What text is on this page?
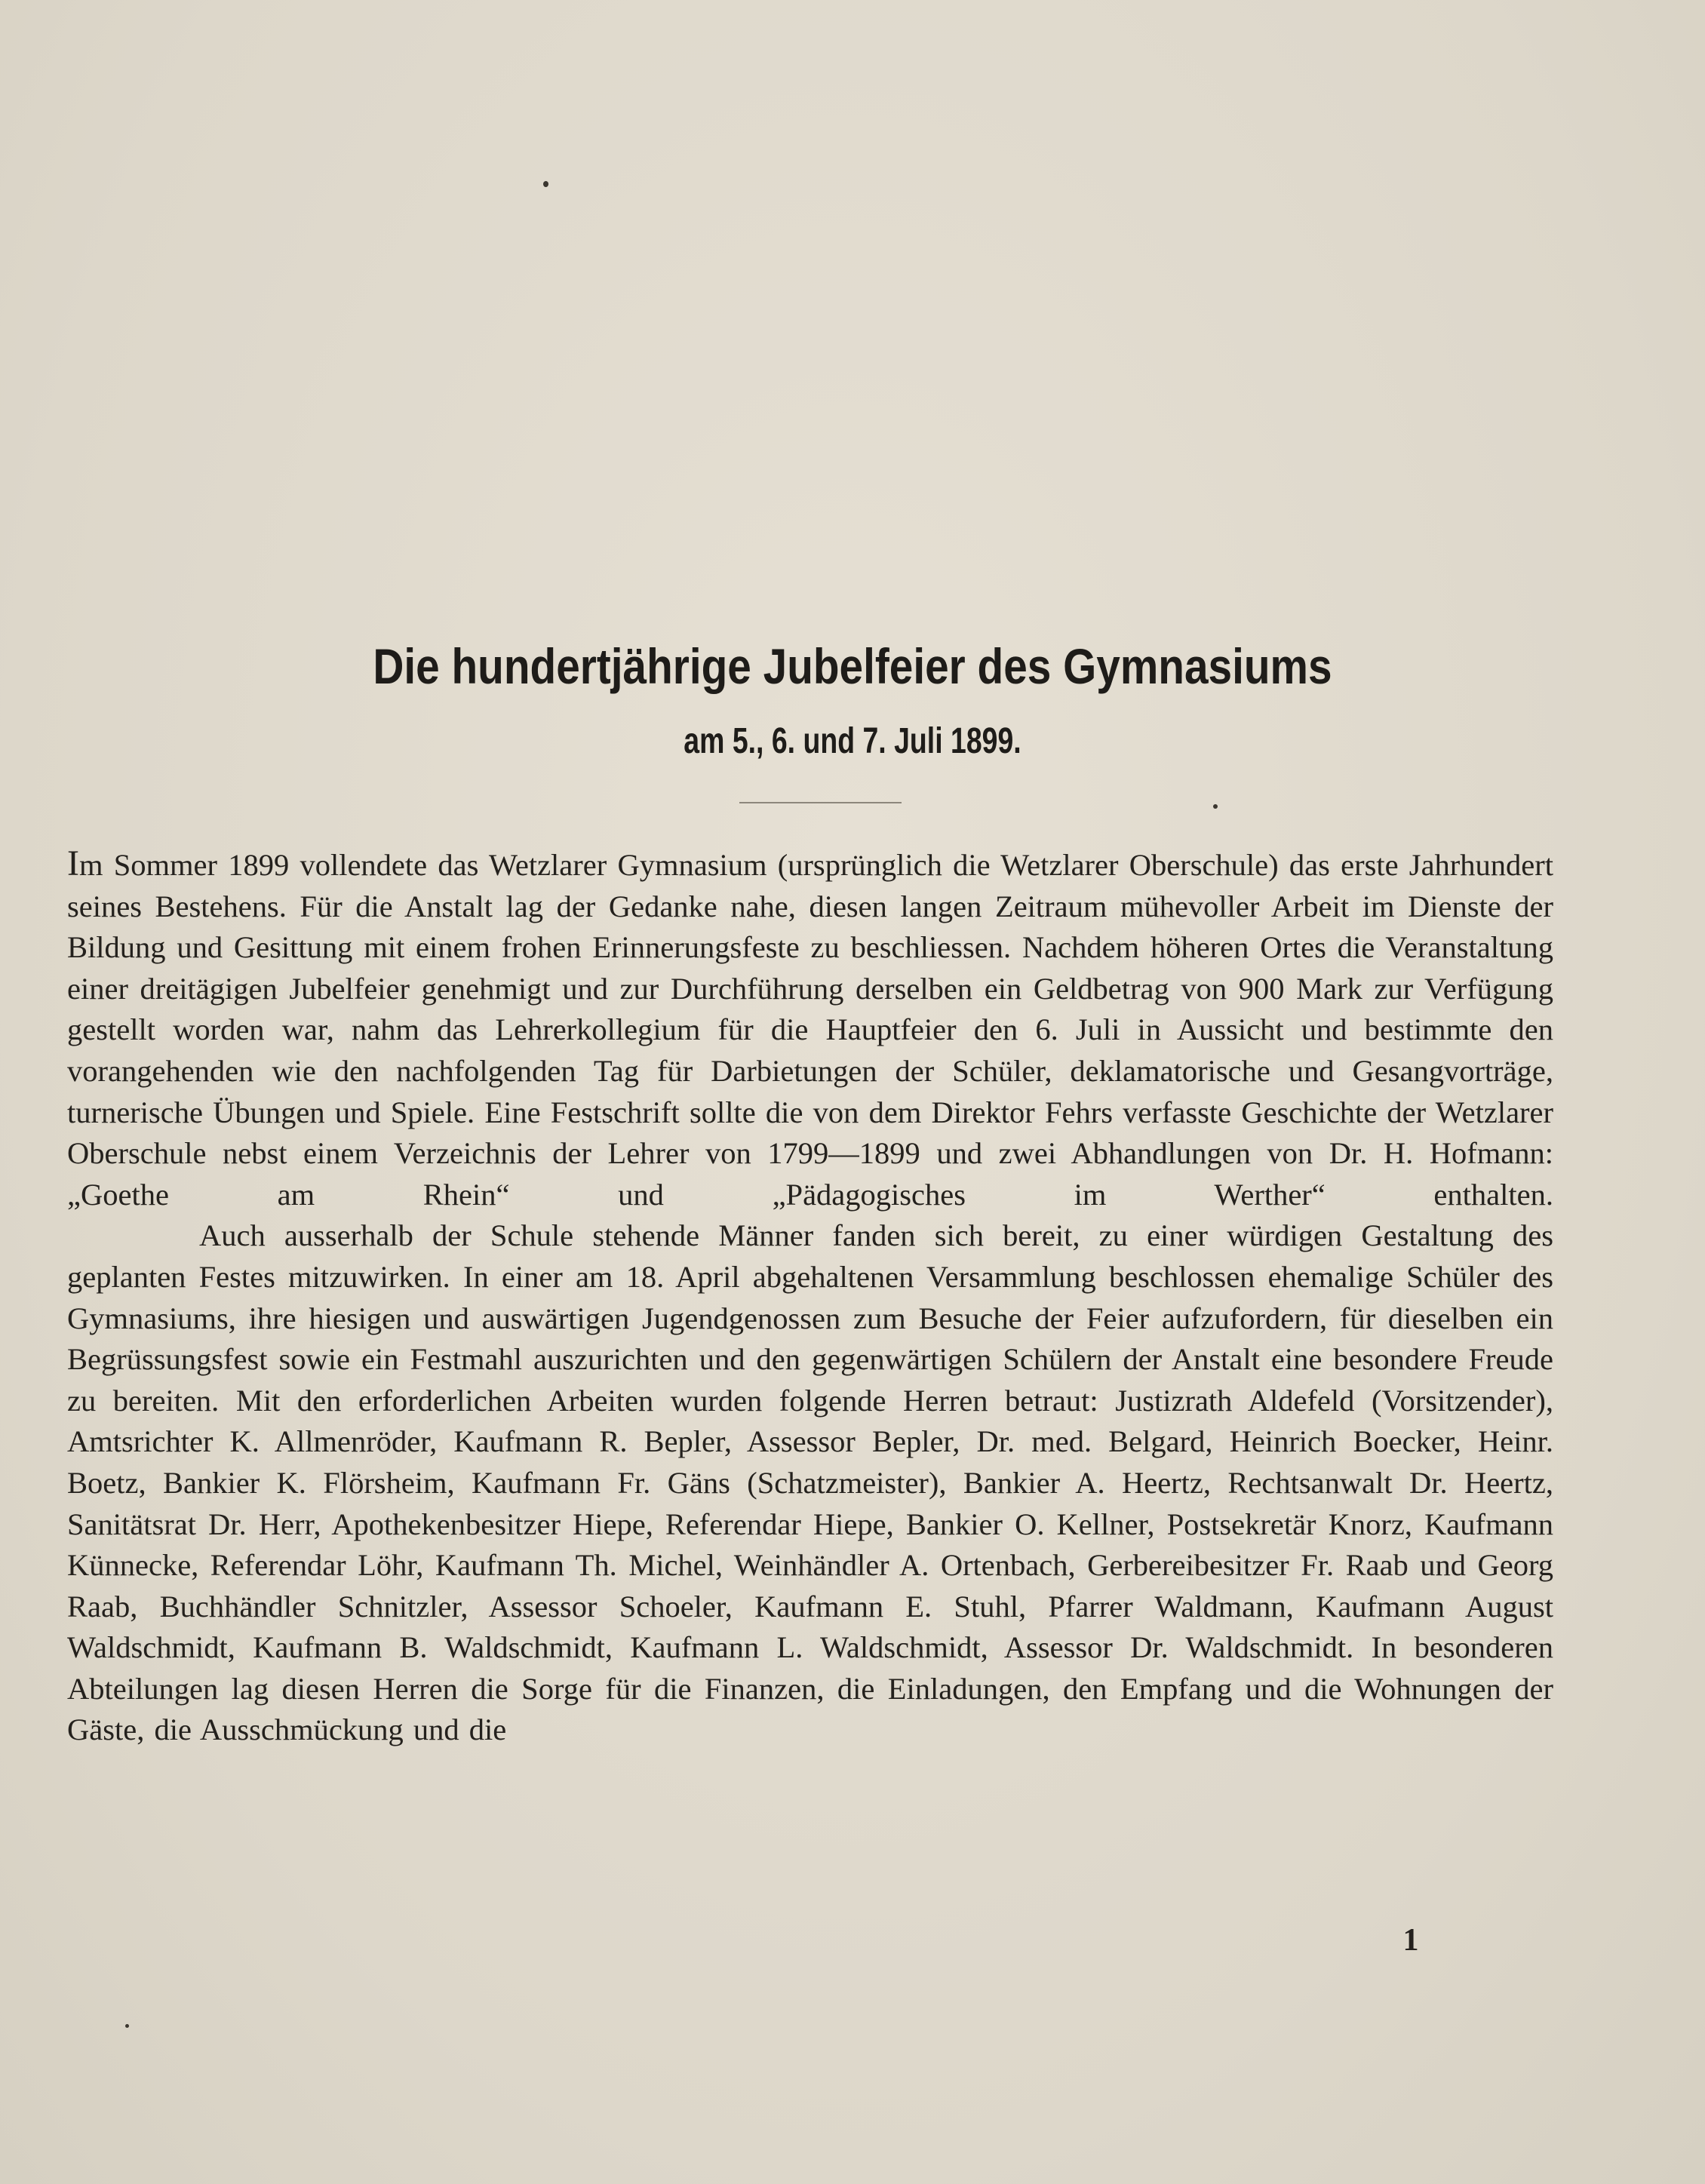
Die hundertjährige Jubelfeier des Gymnasiums
am 5., 6. und 7. Juli 1899.

Im Sommer 1899 vollendete das Wetzlarer Gymnasium (ursprünglich die Wetzlarer Oberschule) das erste Jahrhundert seines Bestehens. Für die Anstalt lag der Gedanke nahe, diesen langen Zeitraum mühevoller Arbeit im Dienste der Bildung und Gesittung mit einem frohen Erinnerungsfeste zu beschliessen. Nachdem höheren Ortes die Veranstaltung einer dreitägigen Jubelfeier genehmigt und zur Durchführung derselben ein Geldbetrag von 900 Mark zur Verfügung gestellt worden war, nahm das Lehrerkollegium für die Hauptfeier den 6. Juli in Aussicht und bestimmte den vorangehenden wie den nachfolgenden Tag für Darbietungen der Schüler, deklamatorische und Gesangvorträge, turnerische Übungen und Spiele. Eine Festschrift sollte die von dem Direktor Fehrs verfasste Geschichte der Wetzlarer Oberschule nebst einem Verzeichnis der Lehrer von 1799—1899 und zwei Abhandlungen von Dr. H. Hofmann: „Goethe am Rhein“ und „Pädagogisches im Werther“ enthalten.

Auch ausserhalb der Schule stehende Männer fanden sich bereit, zu einer würdigen Gestaltung des geplanten Festes mitzuwirken. In einer am 18. April abgehaltenen Versammlung beschlossen ehemalige Schüler des Gymnasiums, ihre hiesigen und auswärtigen Jugendgenossen zum Besuche der Feier aufzufordern, für dieselben ein Begrüssungsfest sowie ein Festmahl auszurichten und den gegenwärtigen Schülern der Anstalt eine besondere Freude zu bereiten. Mit den erforderlichen Arbeiten wurden folgende Herren betraut: Justizrath Aldefeld (Vorsitzender), Amtsrichter K. Allmenröder, Kaufmann R. Bepler, Assessor Bepler, Dr. med. Belgard, Heinrich Boecker, Heinr. Boetz, Bankier K. Flörsheim, Kaufmann Fr. Gäns (Schatzmeister), Bankier A. Heertz, Rechtsanwalt Dr. Heertz, Sanitätsrat Dr. Herr, Apothekenbesitzer Hiepe, Referendar Hiepe, Bankier O. Kellner, Postsekretär Knorz, Kaufmann Künnecke, Referendar Löhr, Kaufmann Th. Michel, Weinhändler A. Ortenbach, Gerbereibesitzer Fr. Raab und Georg Raab, Buchhändler Schnitzler, Assessor Schoeler, Kaufmann E. Stuhl, Pfarrer Waldmann, Kaufmann August Waldschmidt, Kaufmann B. Waldschmidt, Kaufmann L. Waldschmidt, Assessor Dr. Waldschmidt. In besonderen Abteilungen lag diesen Herren die Sorge für die Finanzen, die Einladungen, den Empfang und die Wohnungen der Gäste, die Ausschmückung und die

1
